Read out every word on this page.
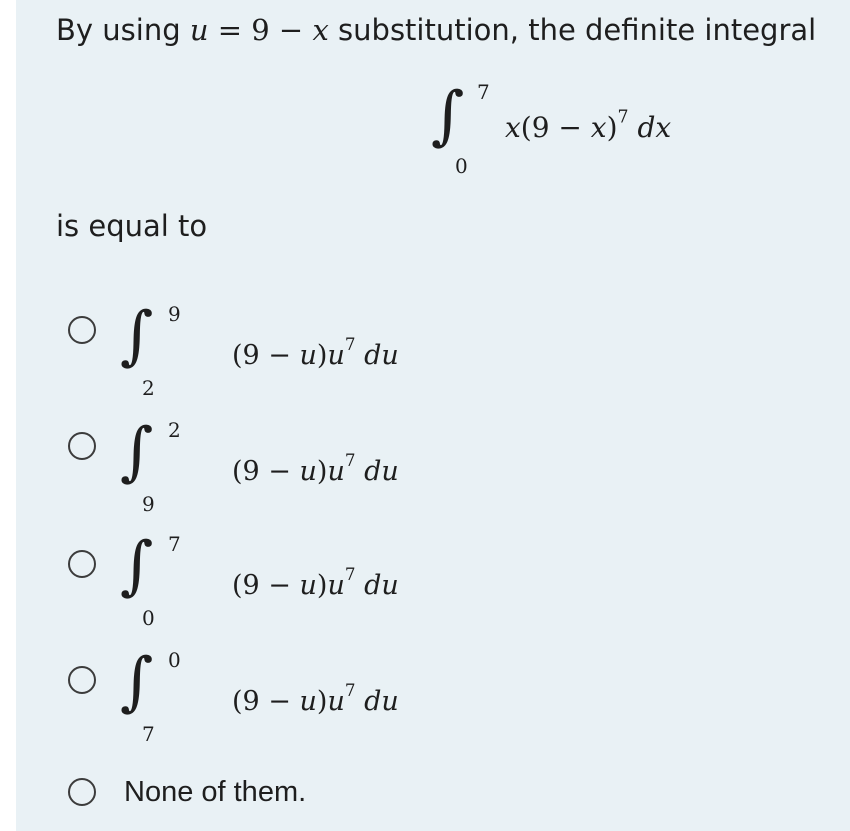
By using u = 9 − x substitution, the definite integral
∫ 7
0
$x(9 - x)^7$ dx
is equal to
∫ 9
2
$(9 - u)u^7$ du
∫ 2
9
$(9 - u)u^7$ du
∫ 7
0
$(9 - u)u^7$ du
∫ 0
7
$(9 - u)u^7$ du
None of them.
